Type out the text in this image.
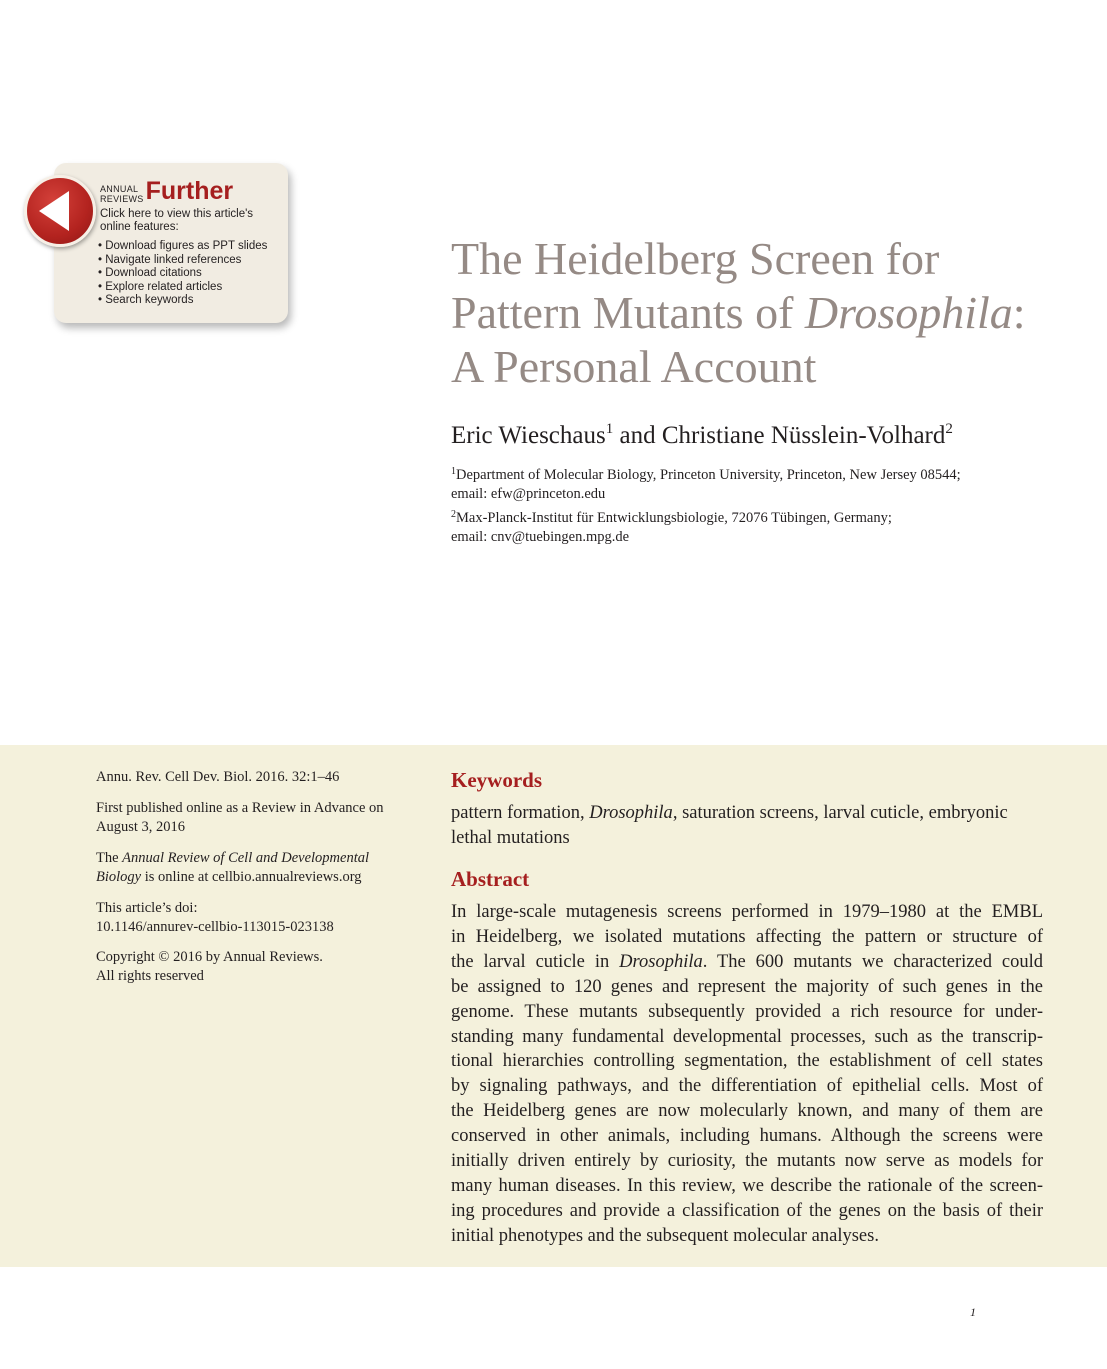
ANNUAL
REVIEWSFurther
Click here to view this article's
online features:
• Download figures as PPT slides
• Navigate linked references
• Download citations
• Explore related articles
• Search keywords
The Heidelberg Screen for
Pattern Mutants of Drosophila:
A Personal Account
Eric Wieschaus$^1$ and Christiane Nüsslein-Volhard$^2$
$^1$Department of Molecular Biology, Princeton University, Princeton, New Jersey 08544;
email: efw@princeton.edu
$^2$Max-Planck-Institut für Entwicklungsbiologie, 72076 Tübingen, Germany;
email: cnv@tuebingen.mpg.de
Annu. Rev. Cell Dev. Biol. 2016. 32:1–46
First published online as a Review in Advance on
August 3, 2016
The Annual Review of Cell and Developmental
Biology is online at cellbio.annualreviews.org
This article’s doi:
10.1146/annurev-cellbio-113015-023138
Copyright © 2016 by Annual Reviews.
All rights reserved
Keywords
pattern formation, Drosophila, saturation screens, larval cuticle, embryonic lethal mutations
Abstract
In large-scale mutagenesis screens performed in 1979–1980 at the EMBL
in Heidelberg, we isolated mutations affecting the pattern or structure of
the larval cuticle in Drosophila. The 600 mutants we characterized could
be assigned to 120 genes and represent the majority of such genes in the
genome. These mutants subsequently provided a rich resource for under-
standing many fundamental developmental processes, such as the transcrip-
tional hierarchies controlling segmentation, the establishment of cell states
by signaling pathways, and the differentiation of epithelial cells. Most of
the Heidelberg genes are now molecularly known, and many of them are
conserved in other animals, including humans. Although the screens were
initially driven entirely by curiosity, the mutants now serve as models for
many human diseases. In this review, we describe the rationale of the screen-
ing procedures and provide a classification of the genes on the basis of their
initial phenotypes and the subsequent molecular analyses.
1
